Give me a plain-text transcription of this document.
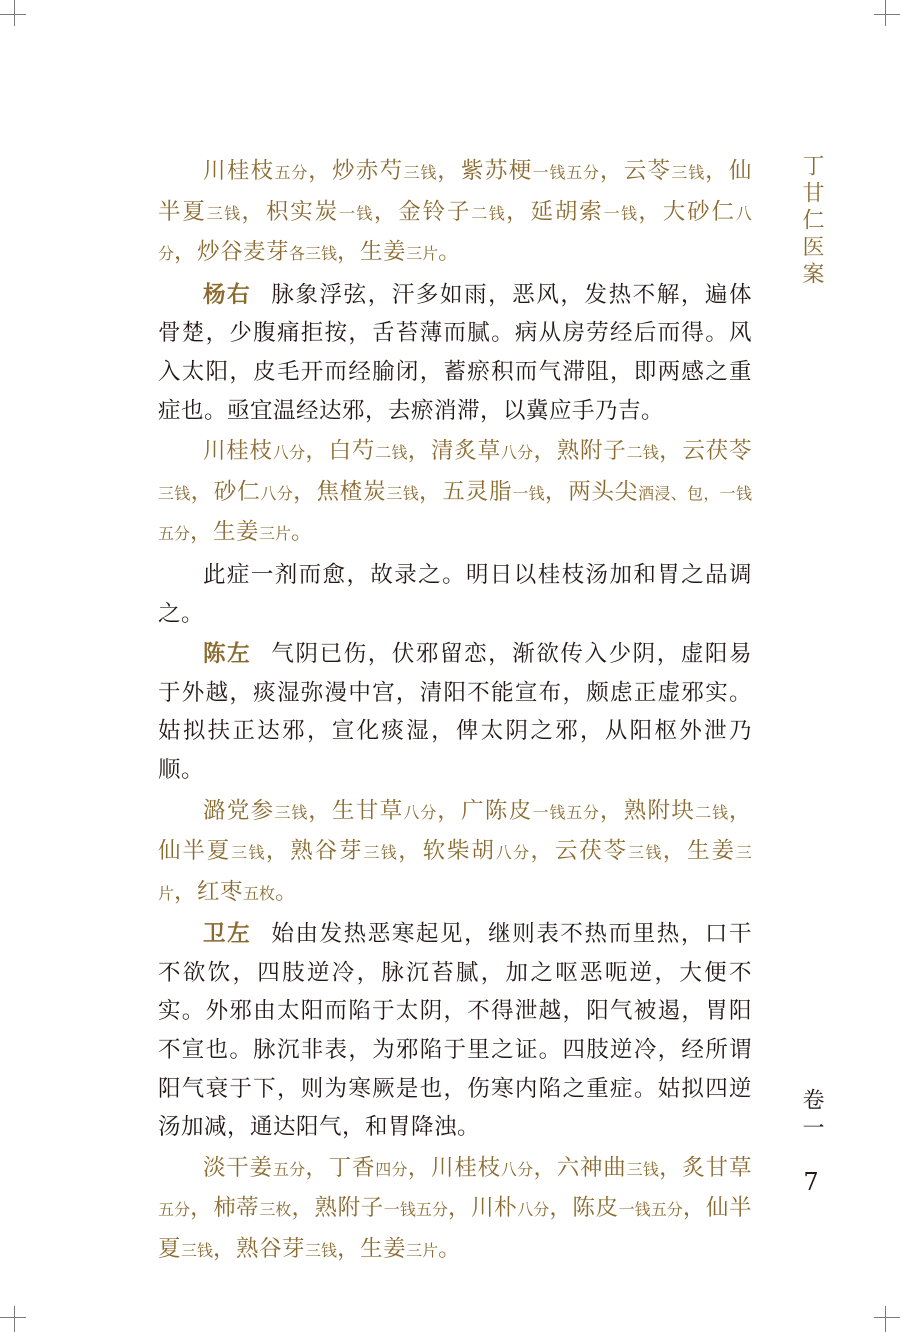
川桂枝五分，炒赤芍三钱，紫苏梗一钱五分，云苓三钱，仙半夏三钱，枳实炭一钱，金铃子二钱，延胡索一钱，大砂仁八分，炒谷麦芽各三钱，生姜三片。

杨右 脉象浮弦，汗多如雨，恶风，发热不解，遍体骨楚，少腹痛拒按，舌苔薄而腻。病从房劳经后而得。风入太阳，皮毛开而经腧闭，蓄瘀积而气滞阻，即两感之重症也。亟宜温经达邪，去瘀消滞，以冀应手乃吉。

川桂枝八分，白芍二钱，清炙草八分，熟附子二钱，云茯苓三钱，砂仁八分，焦楂炭三钱，五灵脂一钱，两头尖酒浸、包，一钱五分，生姜三片。

此症一剂而愈，故录之。明日以桂枝汤加和胃之品调之。

陈左 气阴已伤，伏邪留恋，渐欲传入少阴，虚阳易于外越，痰湿弥漫中宫，清阳不能宣布，颇虑正虚邪实。姑拟扶正达邪，宣化痰湿，俾太阴之邪，从阳枢外泄乃顺。

潞党参三钱，生甘草八分，广陈皮一钱五分，熟附块二钱，仙半夏三钱，熟谷芽三钱，软柴胡八分，云茯苓三钱，生姜三片，红枣五枚。

卫左 始由发热恶寒起见，继则表不热而里热，口干不欲饮，四肢逆冷，脉沉苔腻，加之呕恶呃逆，大便不实。外邪由太阳而陷于太阴，不得泄越，阳气被遏，胃阳不宣也。脉沉非表，为邪陷于里之证。四肢逆冷，经所谓阳气衰于下，则为寒厥是也，伤寒内陷之重症。姑拟四逆汤加减，通达阳气，和胃降浊。

淡干姜五分，丁香四分，川桂枝八分，六神曲三钱，炙甘草五分，柿蒂三枚，熟附子一钱五分，川朴八分，陈皮一钱五分，仙半夏三钱，熟谷芽三钱，生姜三片。

丁甘仁医案
卷一
7
